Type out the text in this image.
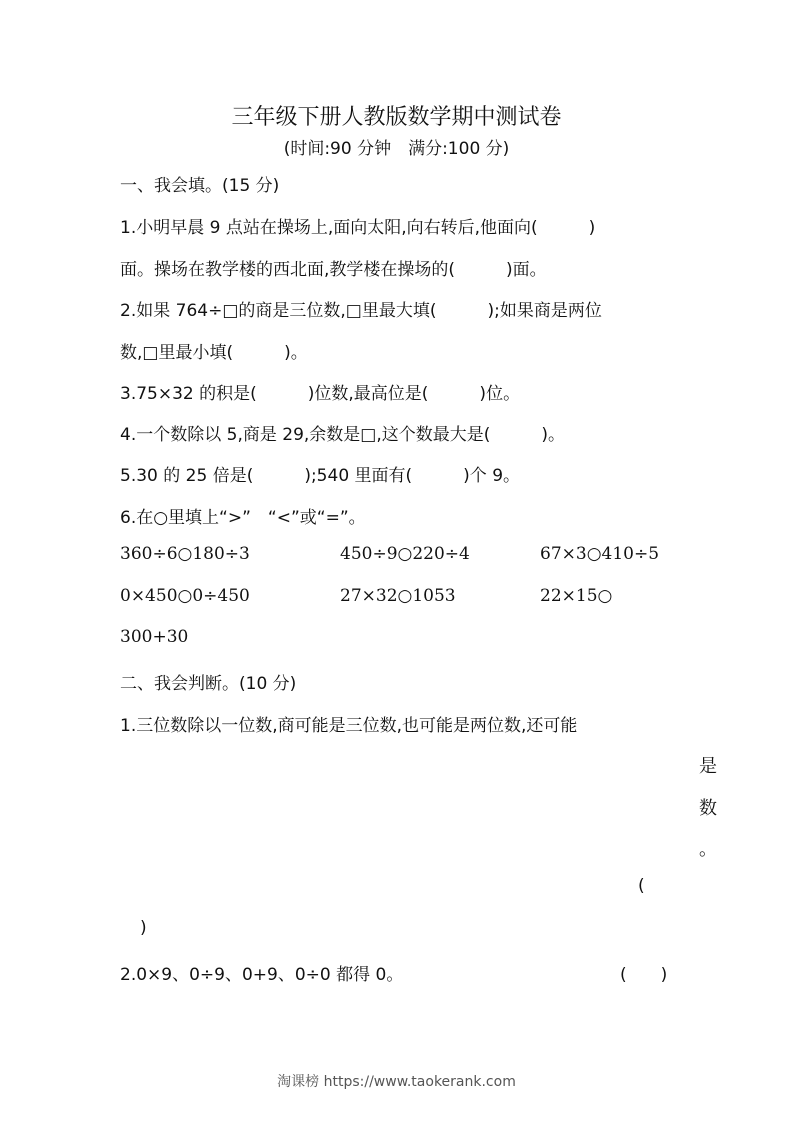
三年级下册人教版数学期中测试卷
(时间:90 分钟　满分:100 分)
一、我会填。(15 分)
1.小明早晨 9 点站在操场上,面向太阳,向右转后,他面向(　　　)
面。操场在教学楼的西北面,教学楼在操场的(　　　)面。
2.如果 764÷□的商是三位数,□里最大填(　　　);如果商是两位
数,□里最小填(　　　)。
3.75×32 的积是(　　　)位数,最高位是(　　　)位。
4.一个数除以 5,商是 29,余数是□,这个数最大是(　　　)。
5.30 的 25 倍是(　　　);540 里面有(　　　)个 9。
6.在○里填上“>”　“<”或“=”。
360÷6○180÷3	450÷9○220÷4	67×3○410÷5
0×450○0÷450	27×32○1053	22×15○
300+30
二、我会判断。(10 分)
1.三位数除以一位数,商可能是三位数,也可能是两位数,还可能
是
数
。
(
)
2.0×9、0÷9、0+9、0÷0 都得 0。	(　　)
淘课榜 https://www.taokerank.com
